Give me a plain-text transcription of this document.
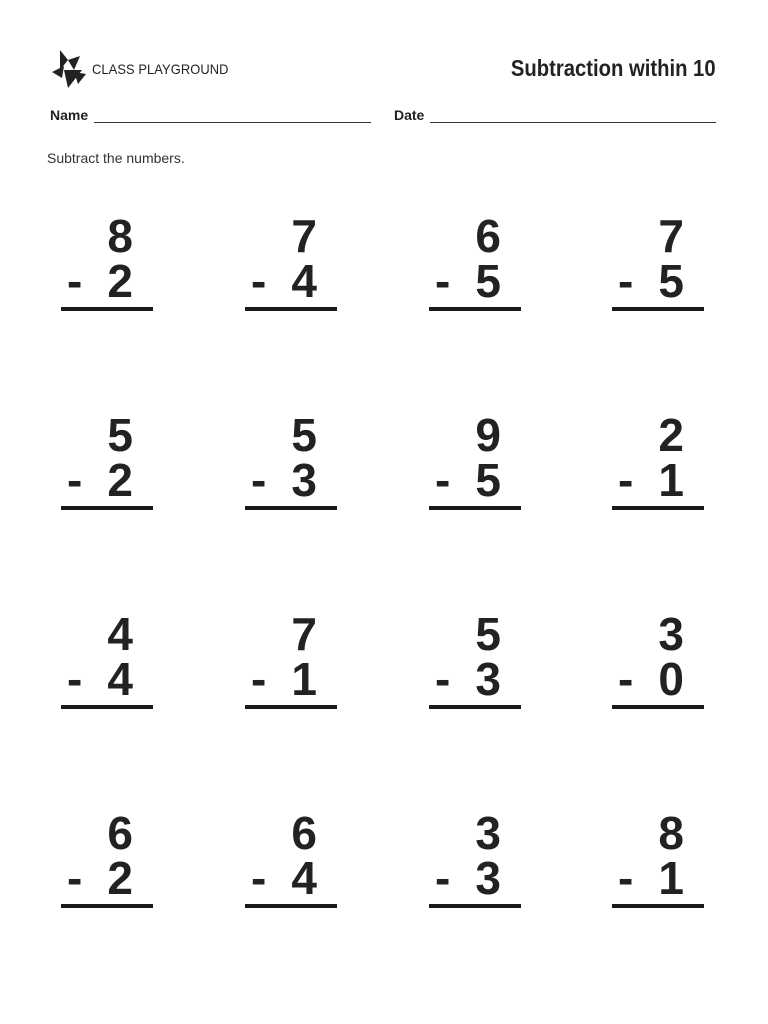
CLASS PLAYGROUND	Subtraction within 10
Name	Date
Subtract the numbers.
8
- 2
7
- 4
6
- 5
7
- 5
5
- 2
5
- 3
9
- 5
2
- 1
4
- 4
7
- 1
5
- 3
3
- 0
6
- 2
6
- 4
3
- 3
8
- 1
